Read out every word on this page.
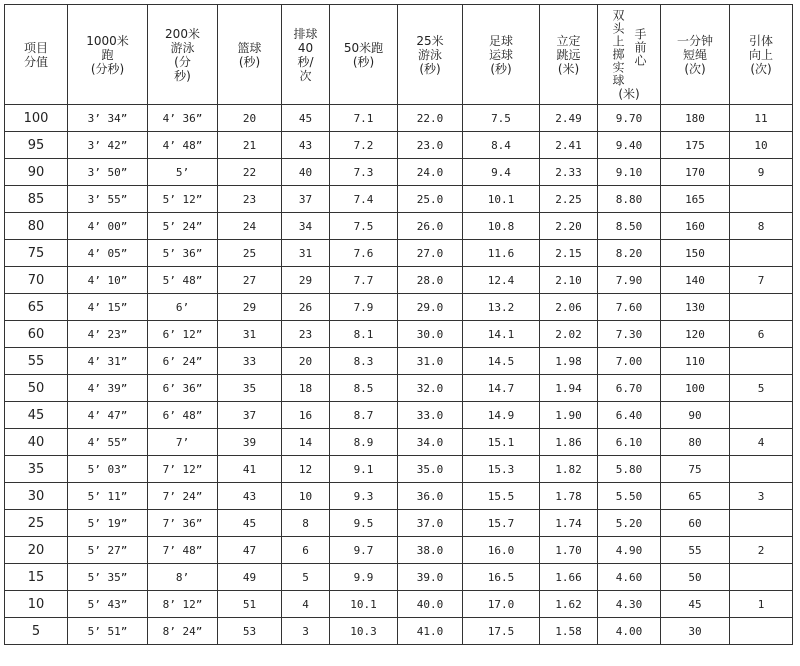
项目
分值	1000米
跑
(分秒)	200米
游泳
(分
秒)	篮球
(秒)	排球
40
秒/
次	50米跑
(秒)	25米
游泳
(秒)	足球
运球
(秒)	立定
跳远
(米)	双头上掷实球 手前心
(米)	一分钟
短绳
(次)	引体
向上
(次)

100	3’ 34”	4’ 36”	20	45	7.1	22.0	7.5	2.49	9.70	180	11
95	3’ 42”	4’ 48”	21	43	7.2	23.0	8.4	2.41	9.40	175	10
90	3’ 50”	5’	22	40	7.3	24.0	9.4	2.33	9.10	170	9
85	3’ 55”	5’ 12”	23	37	7.4	25.0	10.1	2.25	8.80	165	
80	4’ 00”	5’ 24”	24	34	7.5	26.0	10.8	2.20	8.50	160	8
75	4’ 05”	5’ 36”	25	31	7.6	27.0	11.6	2.15	8.20	150	
70	4’ 10”	5’ 48”	27	29	7.7	28.0	12.4	2.10	7.90	140	7
65	4’ 15”	6’	29	26	7.9	29.0	13.2	2.06	7.60	130	
60	4’ 23”	6’ 12”	31	23	8.1	30.0	14.1	2.02	7.30	120	6
55	4’ 31”	6’ 24”	33	20	8.3	31.0	14.5	1.98	7.00	110	
50	4’ 39”	6’ 36”	35	18	8.5	32.0	14.7	1.94	6.70	100	5
45	4’ 47”	6’ 48”	37	16	8.7	33.0	14.9	1.90	6.40	90	
40	4’ 55”	7’	39	14	8.9	34.0	15.1	1.86	6.10	80	4
35	5’ 03”	7’ 12”	41	12	9.1	35.0	15.3	1.82	5.80	75	
30	5’ 11”	7’ 24”	43	10	9.3	36.0	15.5	1.78	5.50	65	3
25	5’ 19”	7’ 36”	45	8	9.5	37.0	15.7	1.74	5.20	60	
20	5’ 27”	7’ 48”	47	6	9.7	38.0	16.0	1.70	4.90	55	2
15	5’ 35”	8’	49	5	9.9	39.0	16.5	1.66	4.60	50	
10	5’ 43”	8’ 12”	51	4	10.1	40.0	17.0	1.62	4.30	45	1
5	5’ 51”	8’ 24”	53	3	10.3	41.0	17.5	1.58	4.00	30	
